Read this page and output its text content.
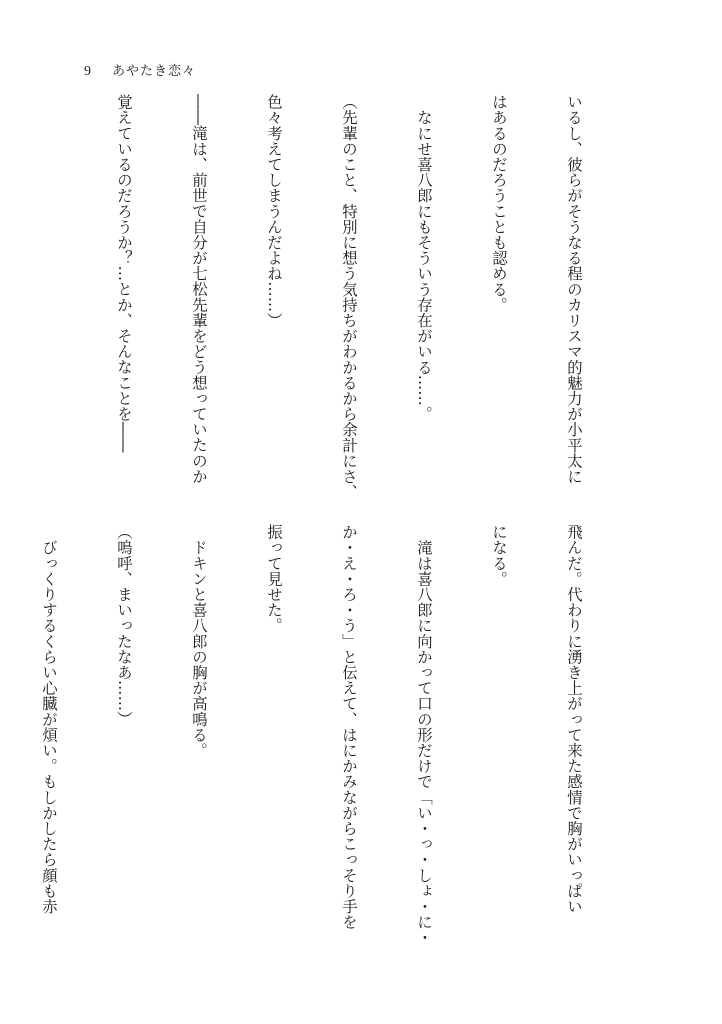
9 あやたき恋々

いるし、彼らがそうなる程のカリスマ的魅力が小平太に

はあるのだろうことも認める。

　なにせ喜八郎にもそういう存在がいる……。

（先輩のこと、特別に想う気持ちがわかるから余計にさ、

色々考えてしまうんだよね……）

――滝は、前世で自分が七松先輩をどう想っていたのか

覚えているのだろうか？…とか、そんなことを――

飛んだ。代わりに湧き上がって来た感情で胸がいっぱい

になる。

　滝は喜八郎に向かって口の形だけで「い・っ・しょ・に・

か・え・ろ・う」と伝えて、はにかみながらこっそり手を

振って見せた。

　ドキンと喜八郎の胸が高鳴る。

（嗚呼、まいったなあ……）

　びっくりするくらい心臓が煩い。もしかしたら顔も赤
